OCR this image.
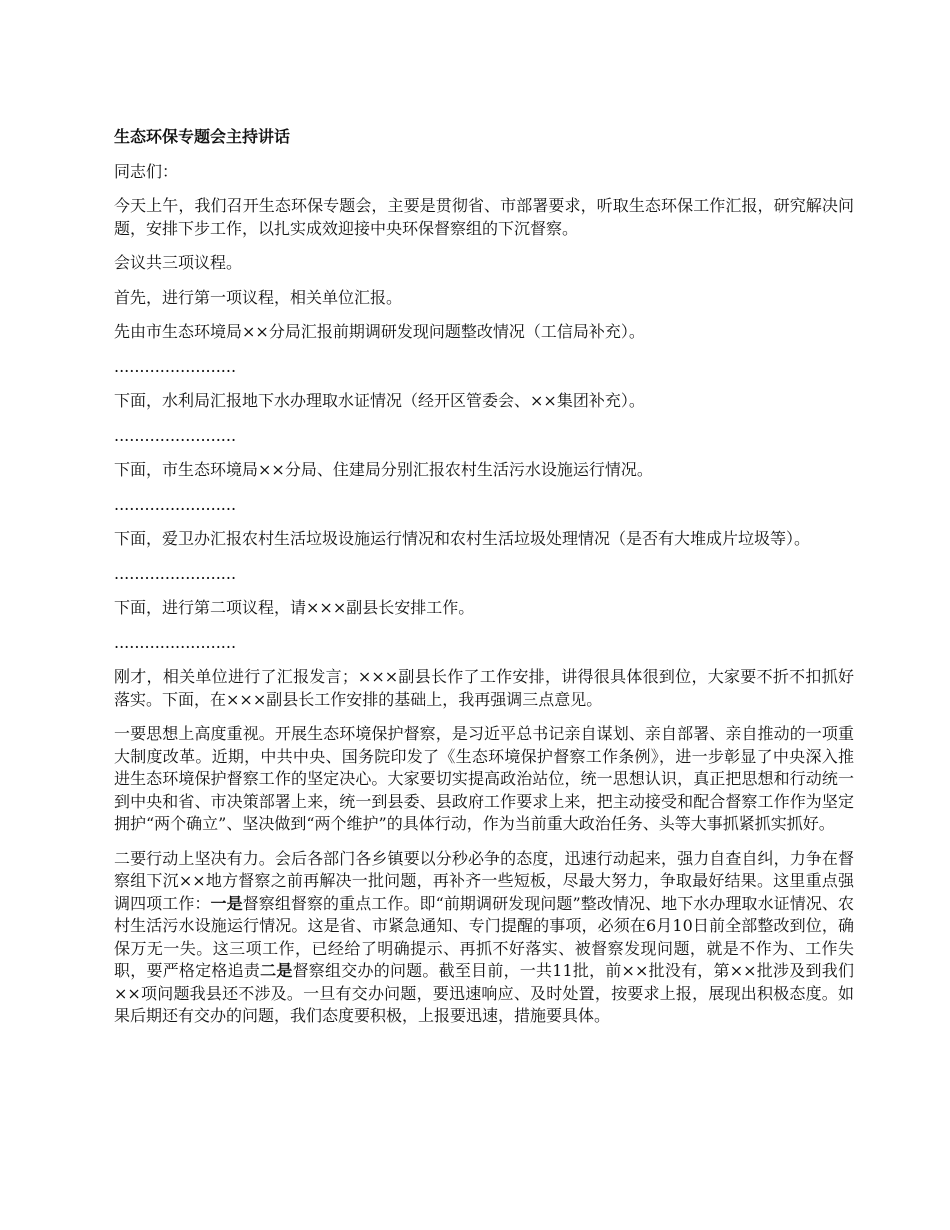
生态环保专题会主持讲话

同志们：

今天上午，我们召开生态环保专题会，主要是贯彻省、市部署要求，听取生态环保工作汇报，研究解决问题，安排下步工作，以扎实成效迎接中央环保督察组的下沉督察。

会议共三项议程。

首先，进行第一项议程，相关单位汇报。

先由市生态环境局××分局汇报前期调研发现问题整改情况（工信局补充）。

........................

下面，水利局汇报地下水办理取水证情况（经开区管委会、××集团补充）。

........................

下面，市生态环境局××分局、住建局分别汇报农村生活污水设施运行情况。

........................

下面，爱卫办汇报农村生活垃圾设施运行情况和农村生活垃圾处理情况（是否有大堆成片垃圾等）。

........................

下面，进行第二项议程，请×××副县长安排工作。

........................

刚才，相关单位进行了汇报发言；×××副县长作了工作安排，讲得很具体很到位，大家要不折不扣抓好落实。下面，在×××副县长工作安排的基础上，我再强调三点意见。

一要思想上高度重视。开展生态环境保护督察，是习近平总书记亲自谋划、亲自部署、亲自推动的一项重大制度改革。近期，中共中央、国务院印发了《生态环境保护督察工作条例》，进一步彰显了中央深入推进生态环境保护督察工作的坚定决心。大家要切实提高政治站位，统一思想认识，真正把思想和行动统一到中央和省、市决策部署上来，统一到县委、县政府工作要求上来，把主动接受和配合督察工作作为坚定拥护“两个确立”、坚决做到“两个维护”的具体行动，作为当前重大政治任务、头等大事抓紧抓实抓好。

二要行动上坚决有力。会后各部门各乡镇要以分秒必争的态度，迅速行动起来，强力自查自纠，力争在督察组下沉××地方督察之前再解决一批问题，再补齐一些短板，尽最大努力，争取最好结果。这里重点强调四项工作：一是督察组督察的重点工作。即“前期调研发现问题”整改情况、地下水办理取水证情况、农村生活污水设施运行情况。这是省、市紧急通知、专门提醒的事项，必须在6月10日前全部整改到位，确保万无一失。这三项工作，已经给了明确提示、再抓不好落实、被督察发现问题，就是不作为、工作失职，要严格定格追责二是督察组交办的问题。截至目前，一共11批，前××批没有，第××批涉及到我们××项问题我县还不涉及。一旦有交办问题，要迅速响应、及时处置，按要求上报，展现出积极态度。如果后期还有交办的问题，我们态度要积极，上报要迅速，措施要具体。
